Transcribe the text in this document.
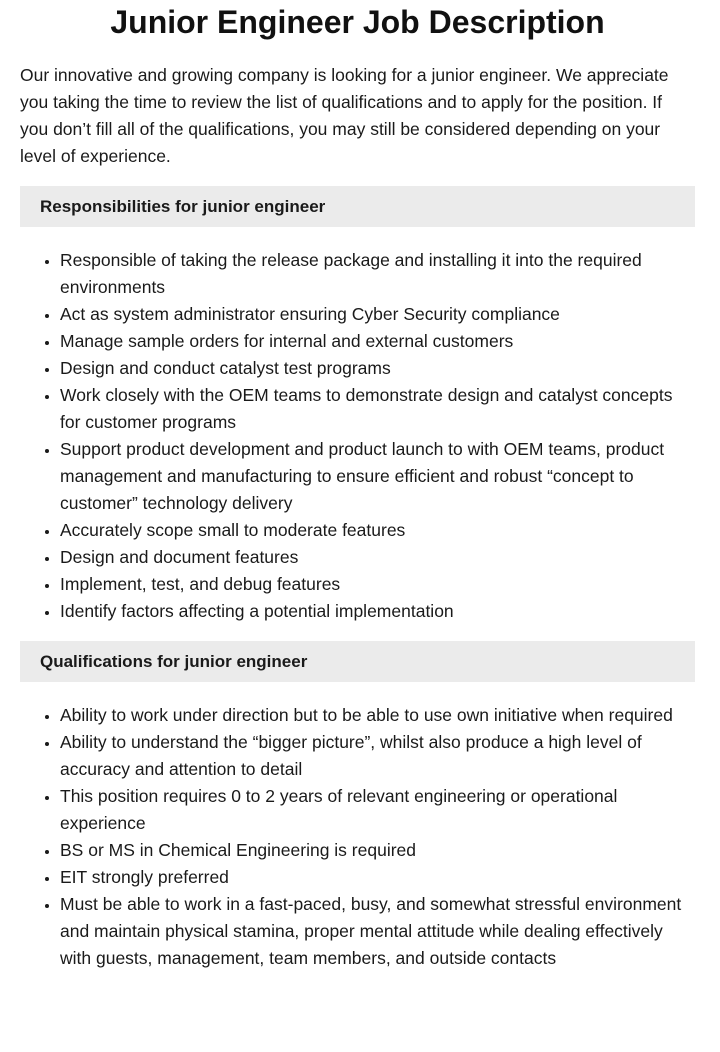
Junior Engineer Job Description

Our innovative and growing company is looking for a junior engineer. We appreciate you taking the time to review the list of qualifications and to apply for the position. If you don’t fill all of the qualifications, you may still be considered depending on your level of experience.

Responsibilities for junior engineer
• Responsible of taking the release package and installing it into the required environments
• Act as system administrator ensuring Cyber Security compliance
• Manage sample orders for internal and external customers
• Design and conduct catalyst test programs
• Work closely with the OEM teams to demonstrate design and catalyst concepts for customer programs
• Support product development and product launch to with OEM teams, product management and manufacturing to ensure efficient and robust “concept to customer” technology delivery
• Accurately scope small to moderate features
• Design and document features
• Implement, test, and debug features
• Identify factors affecting a potential implementation
Qualifications for junior engineer
• Ability to work under direction but to be able to use own initiative when required
• Ability to understand the “bigger picture”, whilst also produce a high level of accuracy and attention to detail
• This position requires 0 to 2 years of relevant engineering or operational experience
• BS or MS in Chemical Engineering is required
• EIT strongly preferred
• Must be able to work in a fast-paced, busy, and somewhat stressful environment and maintain physical stamina, proper mental attitude while dealing effectively with guests, management, team members, and outside contacts
